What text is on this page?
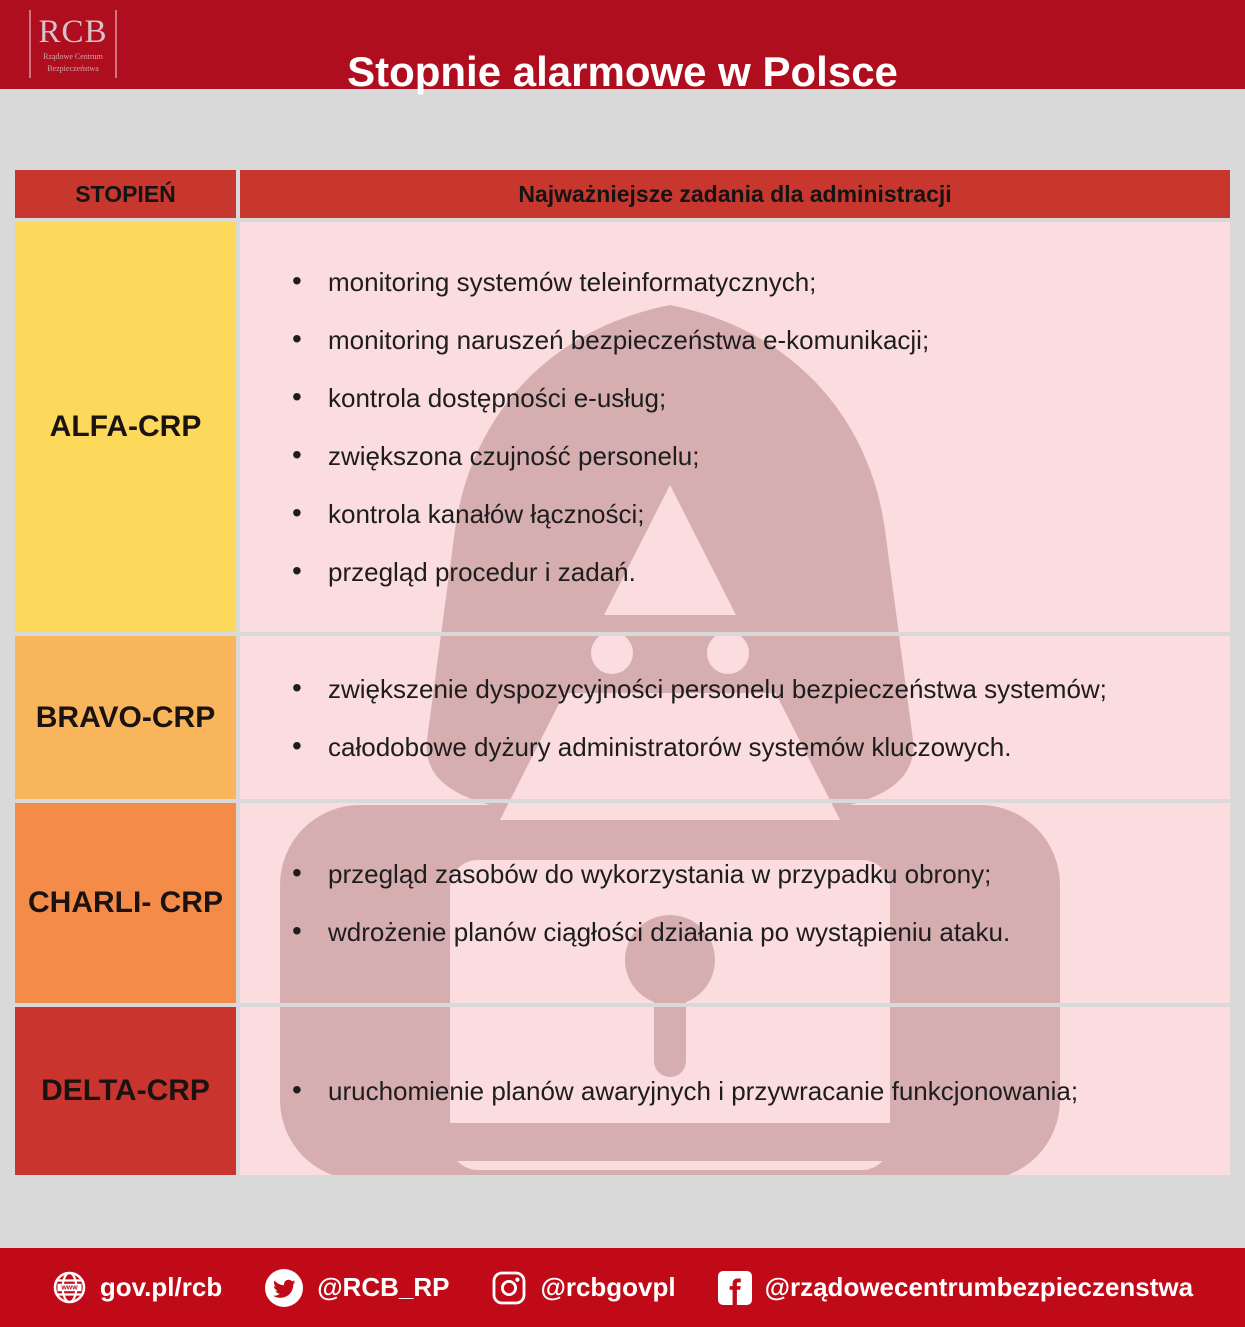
RCB
Rządowe Centrum
Bezpieczeństwa	Stopnie alarmowe w Polsce
STOPIEŃ	Najważniejsze zadania dla administracji
ALFA-CRP
• monitoring systemów teleinformatycznych;
• monitoring naruszeń bezpieczeństwa e-komunikacji;
• kontrola dostępności e-usług;
• zwiększona czujność personelu;
• kontrola kanałów łączności;
• przegląd procedur i zadań.
BRAVO-CRP
• zwiększenie dyspozycyjności personelu bezpieczeństwa systemów;
• całodobowe dyżury administratorów systemów kluczowych.
CHARLI- CRP
• przegląd zasobów do wykorzystania w przypadku obrony;
• wdrożenie planów ciągłości działania po wystąpieniu ataku.
DELTA-CRP	• uruchomienie planów awaryjnych i przywracanie funkcjonowania;
www gov.pl/rcb	@RCB_RP	@rcbgovpl	@rządowecentrumbezpieczenstwa
